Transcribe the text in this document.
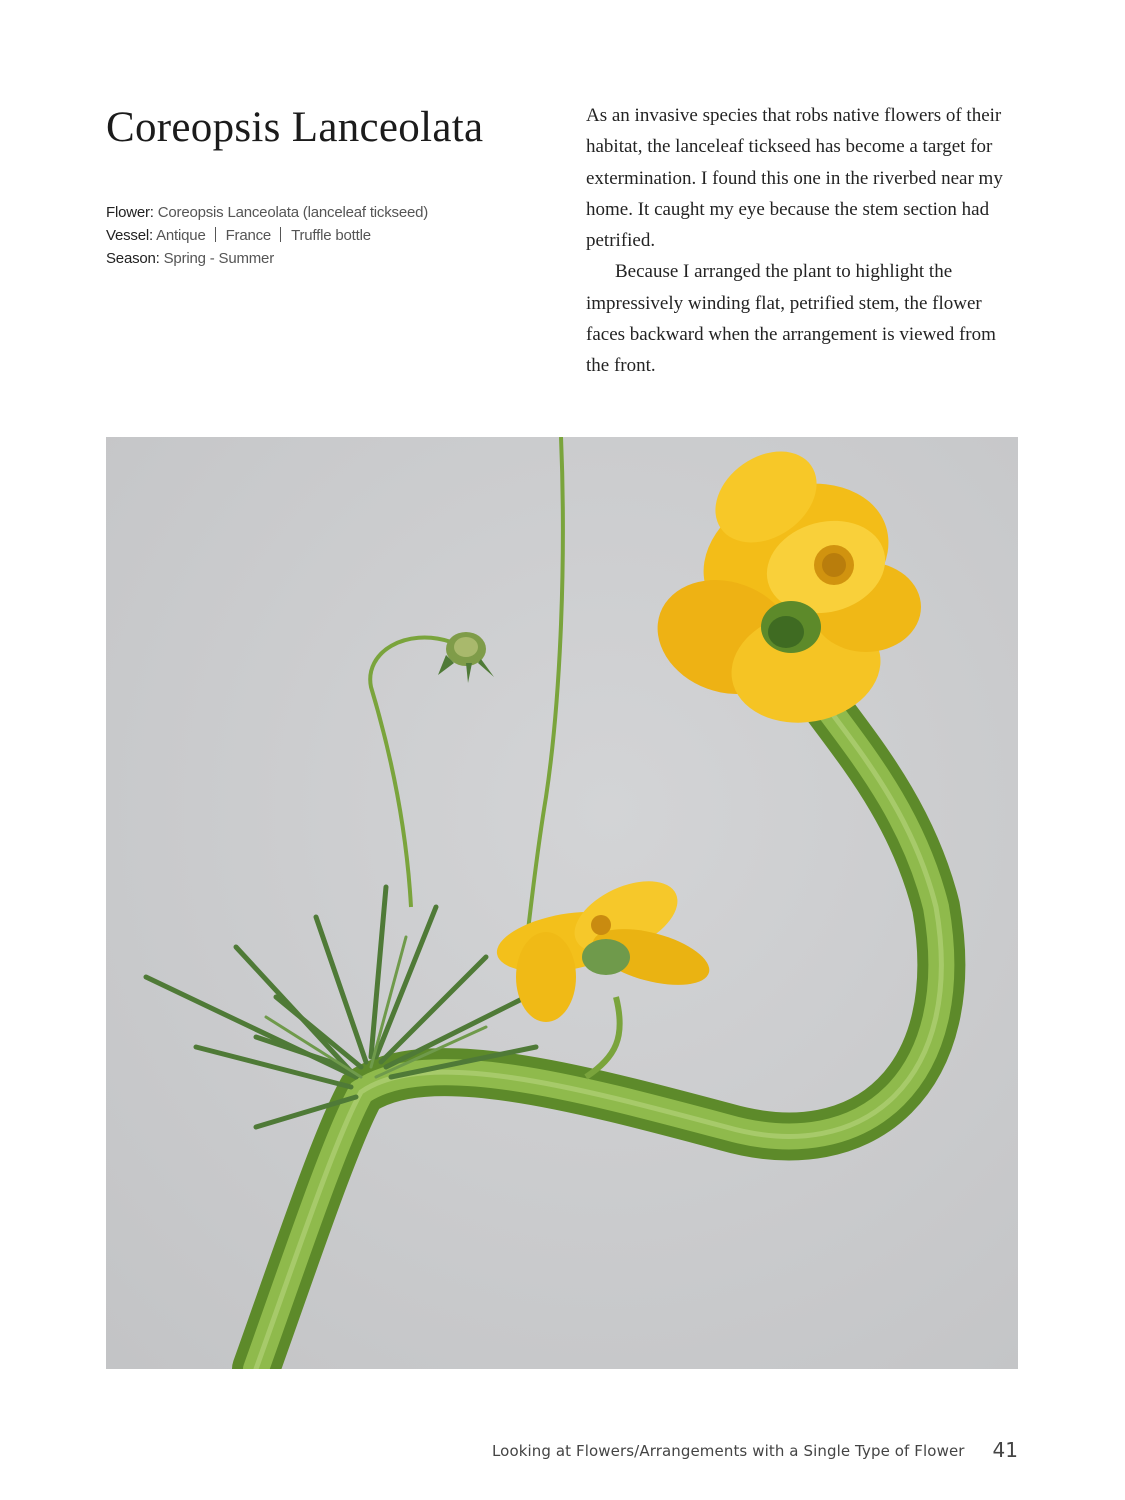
Coreopsis Lanceolata
Flower: Coreopsis Lanceolata (lanceleaf tickseed)
Vessel: Antique France Truffle bottle
Season: Spring - Summer

As an invasive species that robs native flowers of their habitat, the lanceleaf tickseed has become a target for extermination. I found this one in the riverbed near my home. It caught my eye because the stem section had petrified.

Because I arranged the plant to highlight the impressively winding flat, petrified stem, the flower faces backward when the arrangement is viewed from the front.

Looking at Flowers/Arrangements with a Single Type of Flower 41
